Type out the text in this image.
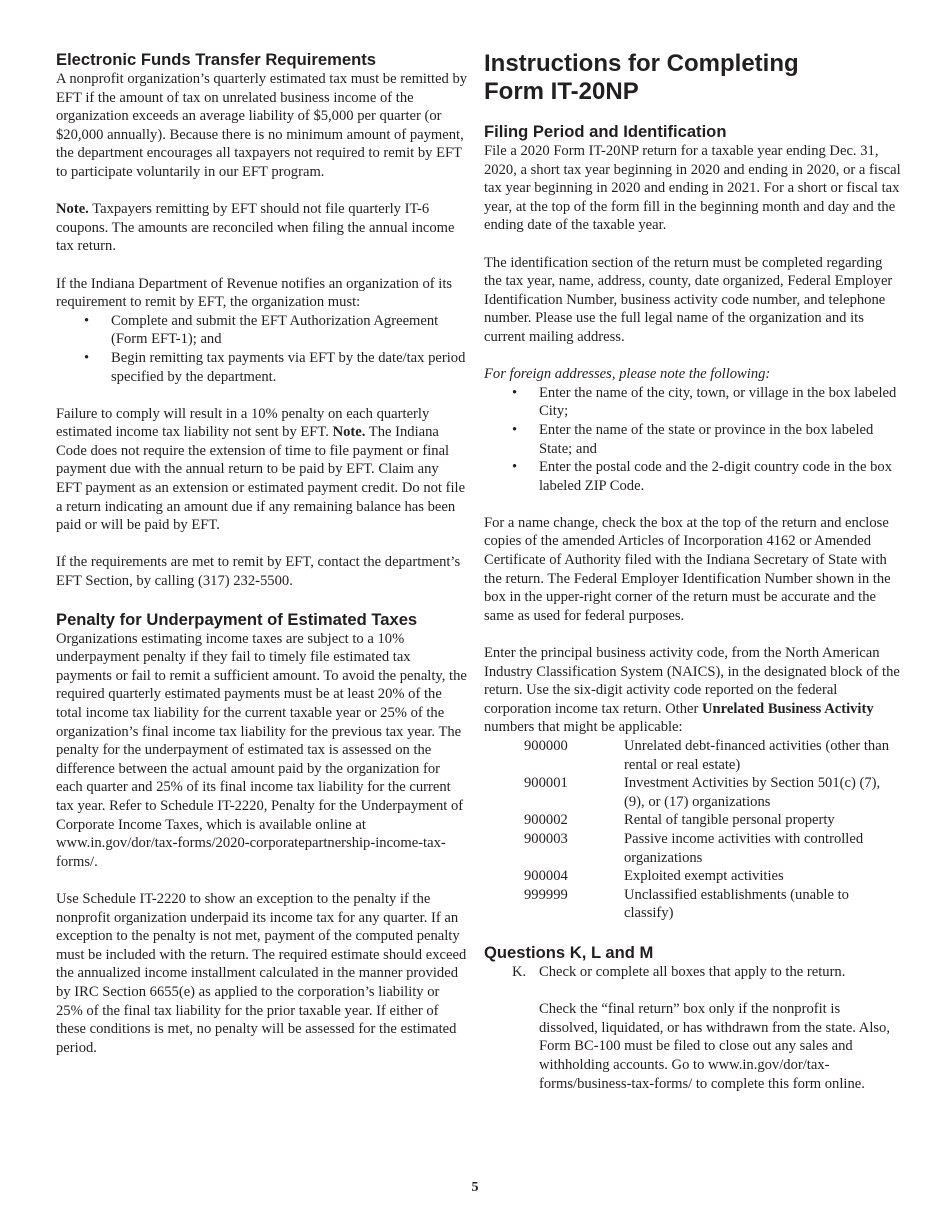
Electronic Funds Transfer Requirements

A nonprofit organization’s quarterly estimated tax must be remitted by EFT if the amount of tax on unrelated business income of the organization exceeds an average liability of $5,000 per quarter (or $20,000 annually). Because there is no minimum amount of payment, the department encourages all taxpayers not required to remit by EFT to participate voluntarily in our EFT program.

Note. Taxpayers remitting by EFT should not file quarterly IT-6 coupons. The amounts are reconciled when filing the annual income tax return.

If the Indiana Department of Revenue notifies an organization of its requirement to remit by EFT, the organization must:

• Complete and submit the EFT Authorization Agreement (Form EFT-1); and
• Begin remitting tax payments via EFT by the date/tax period specified by the department.

Failure to comply will result in a 10% penalty on each quarterly estimated income tax liability not sent by EFT. Note. The Indiana Code does not require the extension of time to file payment or final payment due with the annual return to be paid by EFT. Claim any EFT payment as an extension or estimated payment credit. Do not file a return indicating an amount due if any remaining balance has been paid or will be paid by EFT.

If the requirements are met to remit by EFT, contact the department’s EFT Section, by calling (317) 232-5500.

Penalty for Underpayment of Estimated Taxes

Organizations estimating income taxes are subject to a 10% underpayment penalty if they fail to timely file estimated tax payments or fail to remit a sufficient amount. To avoid the penalty, the required quarterly estimated payments must be at least 20% of the total income tax liability for the current taxable year or 25% of the organization’s final income tax liability for the previous tax year. The penalty for the underpayment of estimated tax is assessed on the difference between the actual amount paid by the organization for each quarter and 25% of its final income tax liability for the current tax year. Refer to Schedule IT-2220, Penalty for the Underpayment of Corporate Income Taxes, which is available online at www.in.gov/dor/tax-forms/2020-corporatepartnership-income-tax-forms/.

Use Schedule IT-2220 to show an exception to the penalty if the nonprofit organization underpaid its income tax for any quarter. If an exception to the penalty is not met, payment of the computed penalty must be included with the return. The required estimate should exceed the annualized income installment calculated in the manner provided by IRC Section 6655(e) as applied to the corporation’s liability or 25% of the final tax liability for the prior taxable year. If either of these conditions is met, no penalty will be assessed for the estimated period.

Instructions for Completing
Form IT-20NP
Filing Period and Identification

File a 2020 Form IT-20NP return for a taxable year ending Dec. 31, 2020, a short tax year beginning in 2020 and ending in 2020, or a fiscal tax year beginning in 2020 and ending in 2021. For a short or fiscal tax year, at the top of the form fill in the beginning month and day and the ending date of the taxable year.

The identification section of the return must be completed regarding the tax year, name, address, county, date organized, Federal Employer Identification Number, business activity code number, and telephone number. Please use the full legal name of the organization and its current mailing address.

For foreign addresses, please note the following:

• Enter the name of the city, town, or village in the box labeled City;
• Enter the name of the state or province in the box labeled State; and
• Enter the postal code and the 2-digit country code in the box labeled ZIP Code.

For a name change, check the box at the top of the return and enclose copies of the amended Articles of Incorporation 4162 or Amended Certificate of Authority filed with the Indiana Secretary of State with the return. The Federal Employer Identification Number shown in the box in the upper-right corner of the return must be accurate and the same as used for federal purposes.

Enter the principal business activity code, from the North American Industry Classification System (NAICS), in the designated block of the return. Use the six-digit activity code reported on the federal corporation income tax return. Other Unrelated Business Activity numbers that might be applicable:

900000	Unrelated debt-financed activities (other than rental or real estate)
900001	Investment Activities by Section 501(c) (7), (9), or (17) organizations
900002	Rental of tangible personal property
900003	Passive income activities with controlled organizations
900004	Exploited exempt activities
999999	Unclassified establishments (unable to classify)
Questions K, L and M
K. Check or complete all boxes that apply to the return.

Check the “final return” box only if the nonprofit is dissolved, liquidated, or has withdrawn from the state. Also, Form BC-100 must be filed to close out any sales and withholding accounts. Go to www.in.gov/dor/tax-forms/business-tax-forms/ to complete this form online.

5
